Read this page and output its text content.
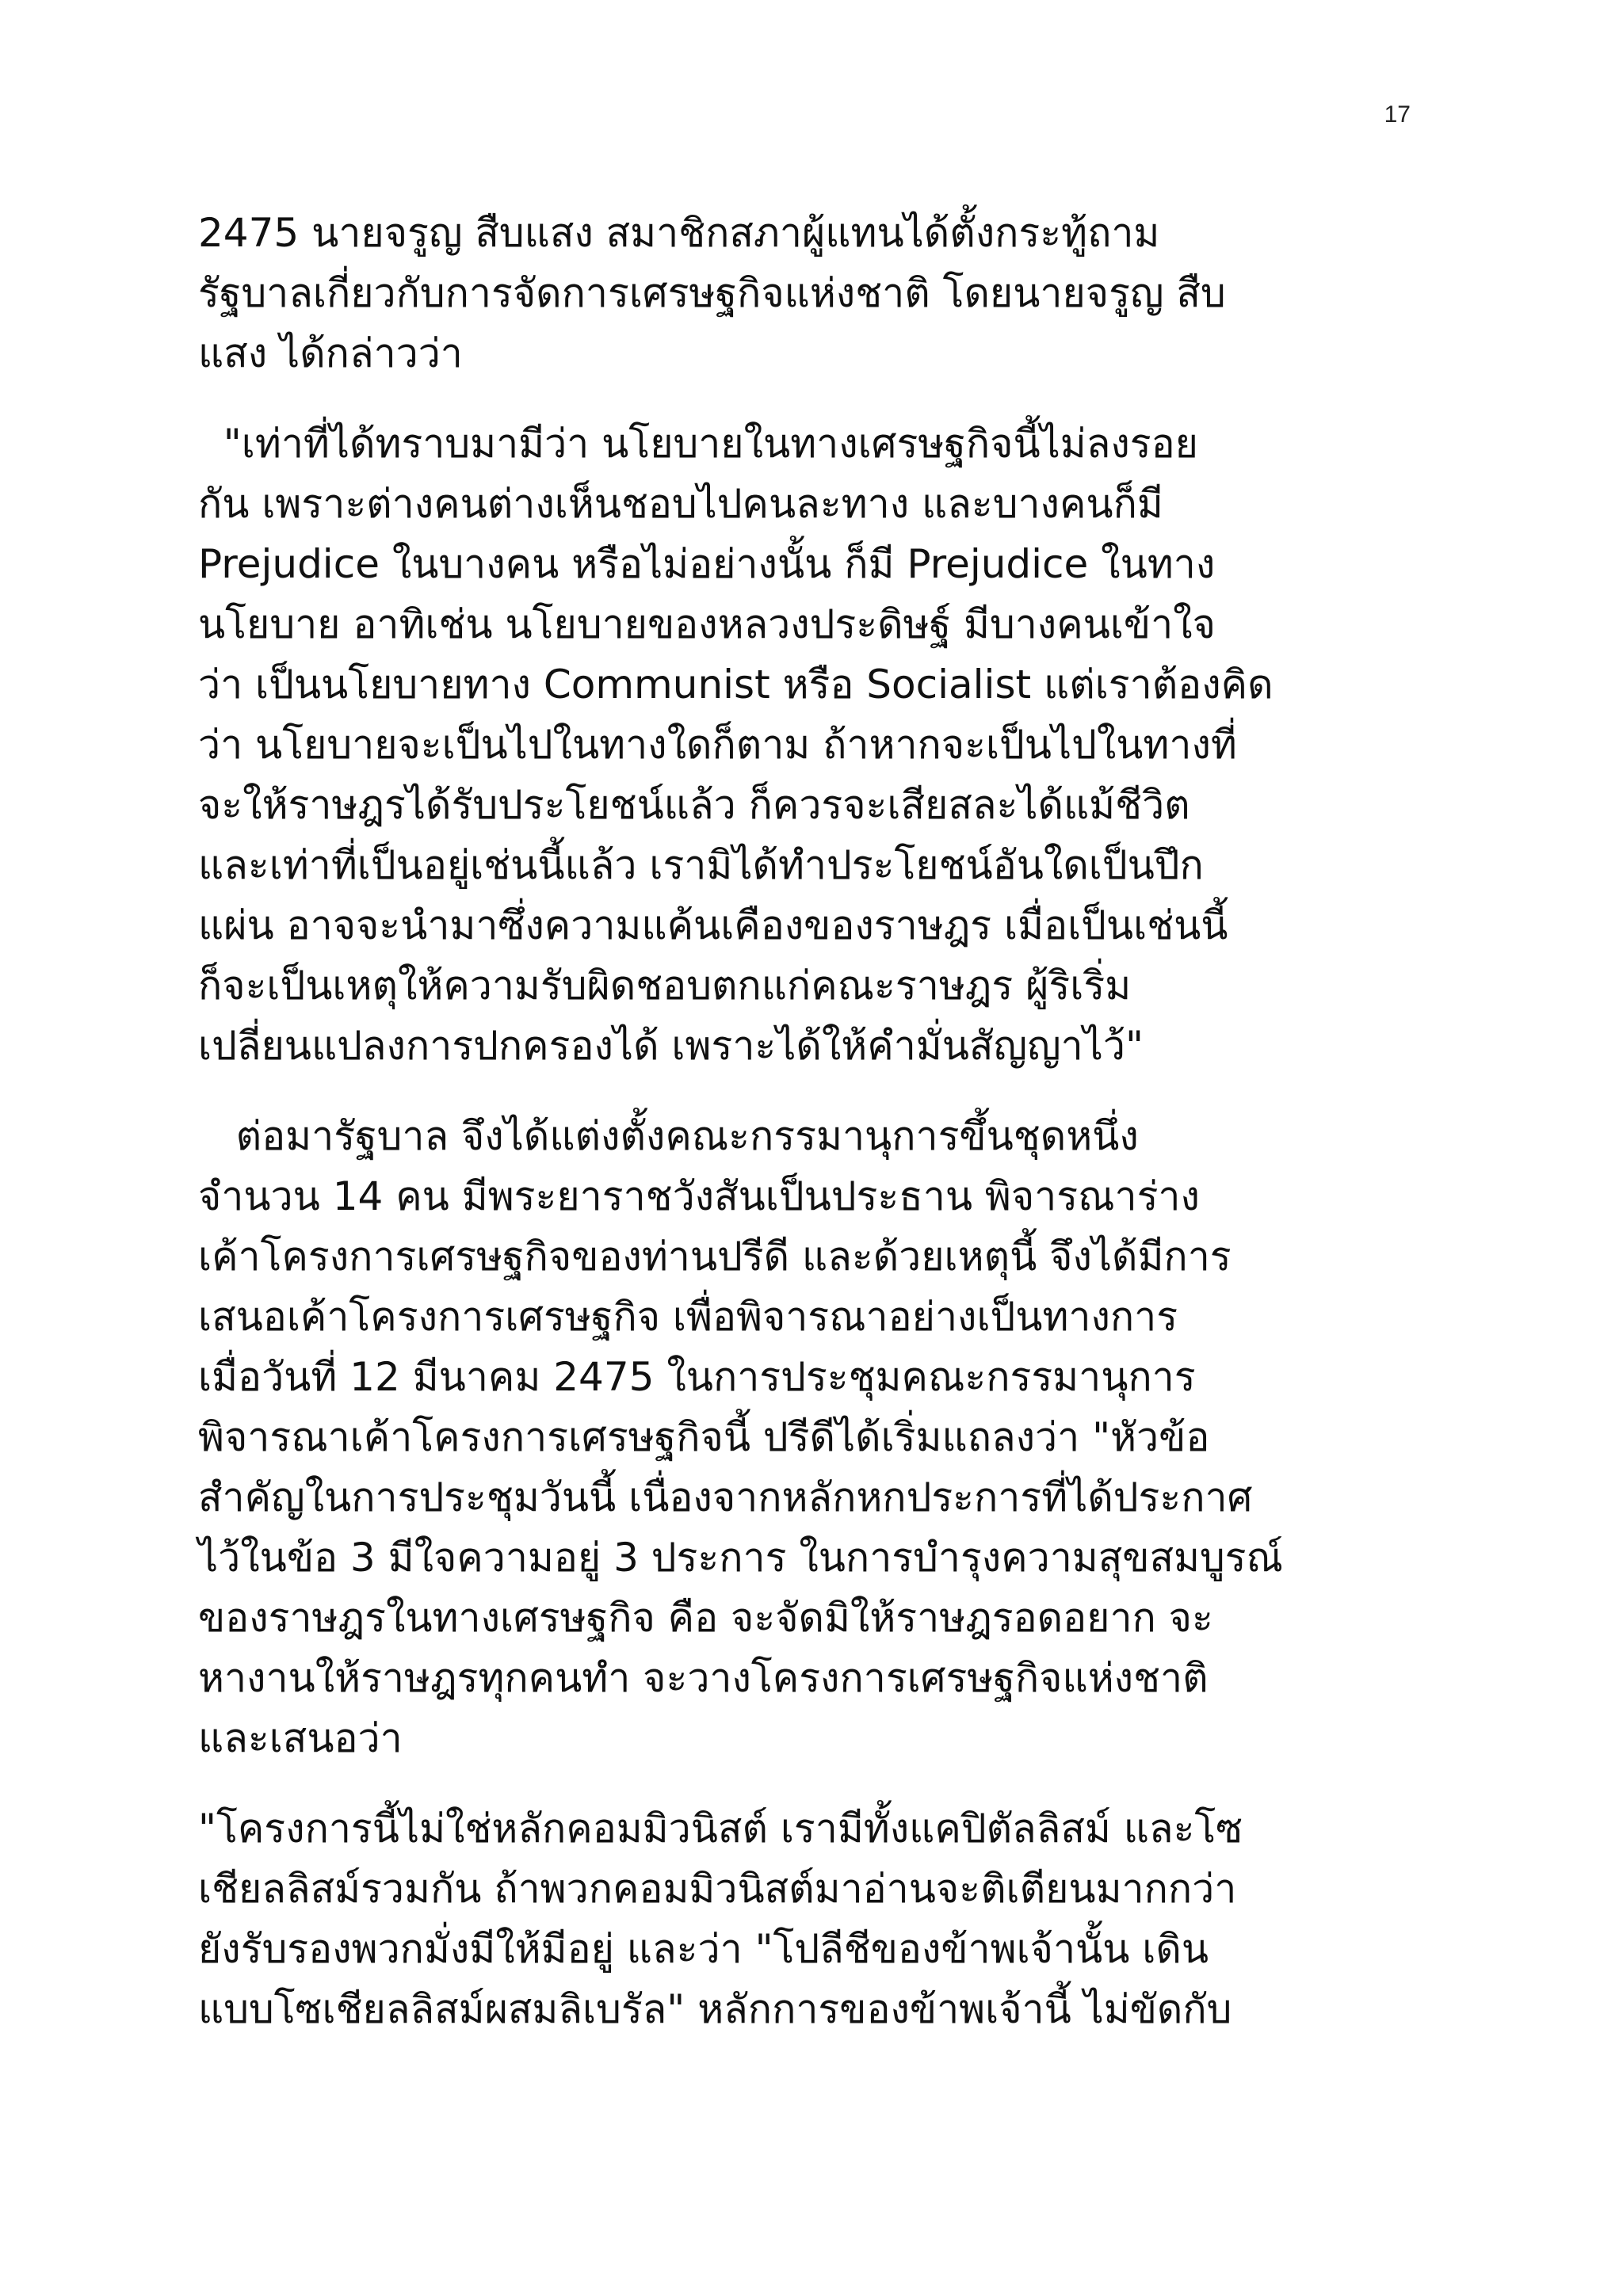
17

2475 นายจรูญ สืบแสง สมาชิกสภาผู้แทนได้ตั้งกระทู้ถาม
รัฐบาลเกี่ยวกับการจัดการเศรษฐกิจแห่งชาติ โดยนายจรูญ สืบ
แสง ได้กล่าวว่า

"เท่าที่ได้ทราบมามีว่า นโยบายในทางเศรษฐกิจนี้ไม่ลงรอย
กัน เพราะต่างคนต่างเห็นชอบไปคนละทาง และบางคนก็มี
Prejudice ในบางคน หรือไม่อย่างนั้น ก็มี Prejudice ในทาง
นโยบาย อาทิเช่น นโยบายของหลวงประดิษฐ์ มีบางคนเข้าใจ
ว่า เป็นนโยบายทาง Communist หรือ Socialist แต่เราต้องคิด
ว่า นโยบายจะเป็นไปในทางใดก็ตาม ถ้าหากจะเป็นไปในทางที่
จะให้ราษฎรได้รับประโยชน์แล้ว ก็ควรจะเสียสละได้แม้ชีวิต
และเท่าที่เป็นอยู่เช่นนี้แล้ว เรามิได้ทำประโยชน์อันใดเป็นปึก
แผ่น อาจจะนำมาซึ่งความแค้นเคืองของราษฎร เมื่อเป็นเช่นนี้
ก็จะเป็นเหตุให้ความรับผิดชอบตกแก่คณะราษฎร ผู้ริเริ่ม
เปลี่ยนแปลงการปกครองได้ เพราะได้ให้คำมั่นสัญญาไว้"

ต่อมารัฐบาล จึงได้แต่งตั้งคณะกรรมานุการขึ้นชุดหนึ่ง
จำนวน 14 คน มีพระยาราชวังสันเป็นประธาน พิจารณาร่าง
เค้าโครงการเศรษฐกิจของท่านปรีดี และด้วยเหตุนี้ จึงได้มีการ
เสนอเค้าโครงการเศรษฐกิจ เพื่อพิจารณาอย่างเป็นทางการ
เมื่อวันที่ 12 มีนาคม 2475 ในการประชุมคณะกรรมานุการ
พิจารณาเค้าโครงการเศรษฐกิจนี้ ปรีดีได้เริ่มแถลงว่า "หัวข้อ
สำคัญในการประชุมวันนี้ เนื่องจากหลักหกประการที่ได้ประกาศ
ไว้ในข้อ 3 มีใจความอยู่ 3 ประการ ในการบำรุงความสุขสมบูรณ์
ของราษฎรในทางเศรษฐกิจ คือ จะจัดมิให้ราษฎรอดอยาก จะ
หางานให้ราษฎรทุกคนทำ จะวางโครงการเศรษฐกิจแห่งชาติ
และเสนอว่า

"โครงการนี้ไม่ใช่หลักคอมมิวนิสต์ เรามีทั้งแคปิตัลลิสม์ และโซ
เชียลลิสม์รวมกัน ถ้าพวกคอมมิวนิสต์มาอ่านจะติเตียนมากกว่า
ยังรับรองพวกมั่งมีให้มีอยู่ และว่า "โปลีชีของข้าพเจ้านั้น เดิน
แบบโซเชียลลิสม์ผสมลิเบรัล" หลักการของข้าพเจ้านี้ ไม่ขัดกับ
